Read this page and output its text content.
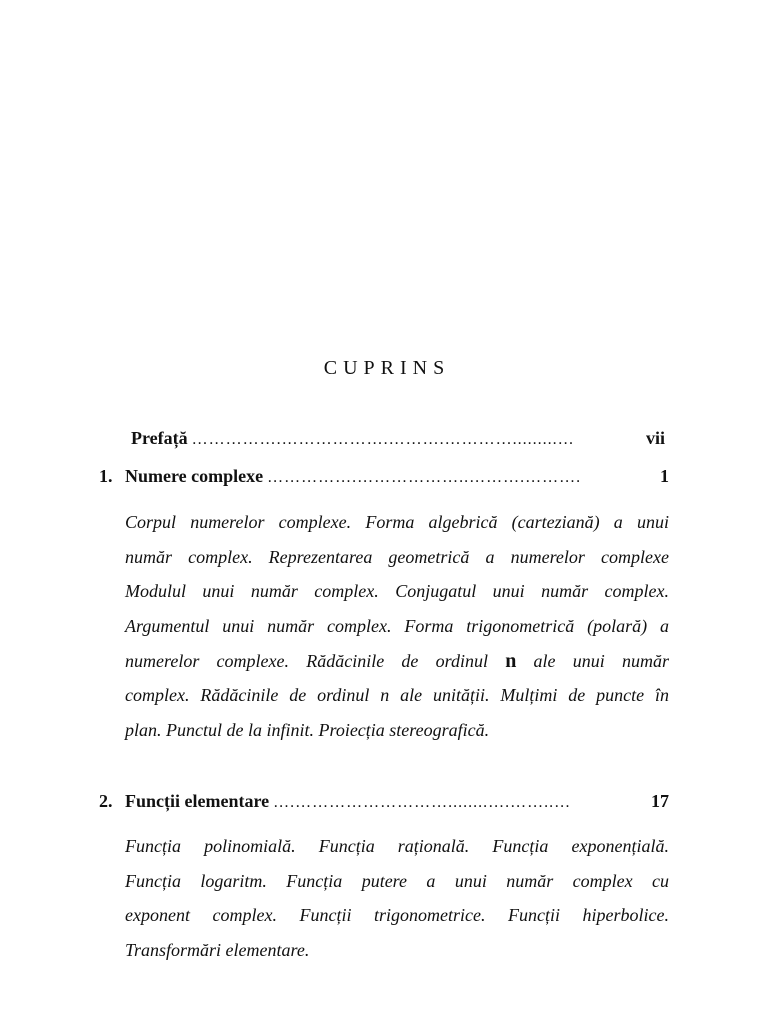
CUPRINS
Prefață …………….……………….……….………….........…	vii
1. Numere complexe …………….………………..……….……….	1
Corpul numerelor complexe. Forma algebrică (carteziană) a unui
număr complex. Reprezentarea geometrică a numerelor complexe
Modulul unui număr complex. Conjugatul unui număr complex.
Argumentul unui număr complex. Forma trigonometrică (polară) a
numerelor complexe. Rădăcinile de ordinul n ale unui număr
complex. Rădăcinile de ordinul n ale unității. Mulțimi de puncte în
plan. Punctul de la infinit. Proiecția stereografică.
2. Funcții elementare ….………………………........….……..…	17
Funcția polinomială. Funcția rațională. Funcția exponențială.
Funcția logaritm. Funcția putere a unui număr complex cu
exponent complex. Funcții trigonometrice. Funcții hiperbolice.
Transformări elementare.
